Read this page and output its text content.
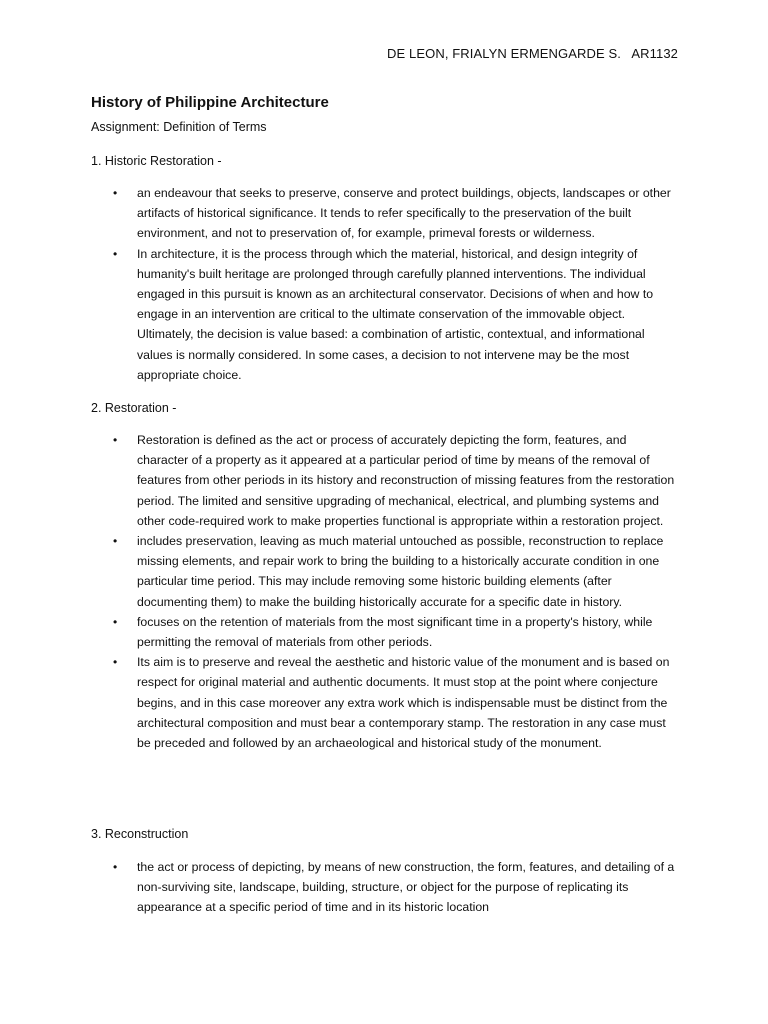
DE LEON, FRIALYN ERMENGARDE S.   AR1132
History of Philippine Architecture

Assignment: Definition of Terms

1. Historic Restoration -

• an endeavour that seeks to preserve, conserve and protect buildings, objects, landscapes or other artifacts of historical significance. It tends to refer specifically to the preservation of the built environment, and not to preservation of, for example, primeval forests or wilderness.
• In architecture, it is the process through which the material, historical, and design integrity of humanity's built heritage are prolonged through carefully planned interventions. The individual engaged in this pursuit is known as an architectural conservator. Decisions of when and how to engage in an intervention are critical to the ultimate conservation of the immovable object. Ultimately, the decision is value based: a combination of artistic, contextual, and informational values is normally considered. In some cases, a decision to not intervene may be the most appropriate choice.

2. Restoration -

• Restoration is defined as the act or process of accurately depicting the form, features, and character of a property as it appeared at a particular period of time by means of the removal of features from other periods in its history and reconstruction of missing features from the restoration period. The limited and sensitive upgrading of mechanical, electrical, and plumbing systems and other code-required work to make properties functional is appropriate within a restoration project.
• includes preservation, leaving as much material untouched as possible, reconstruction to replace missing elements, and repair work to bring the building to a historically accurate condition in one particular time period. This may include removing some historic building elements (after documenting them) to make the building historically accurate for a specific date in history.
• focuses on the retention of materials from the most significant time in a property's history, while permitting the removal of materials from other periods.
• Its aim is to preserve and reveal the aesthetic and historic value of the monument and is based on respect for original material and authentic documents. It must stop at the point where conjecture begins, and in this case moreover any extra work which is indispensable must be distinct from the architectural composition and must bear a contemporary stamp. The restoration in any case must be preceded and followed by an archaeological and historical study of the monument.

3. Reconstruction

• the act or process of depicting, by means of new construction, the form, features, and detailing of a non-surviving site, landscape, building, structure, or object for the purpose of replicating its appearance at a specific period of time and in its historic location
